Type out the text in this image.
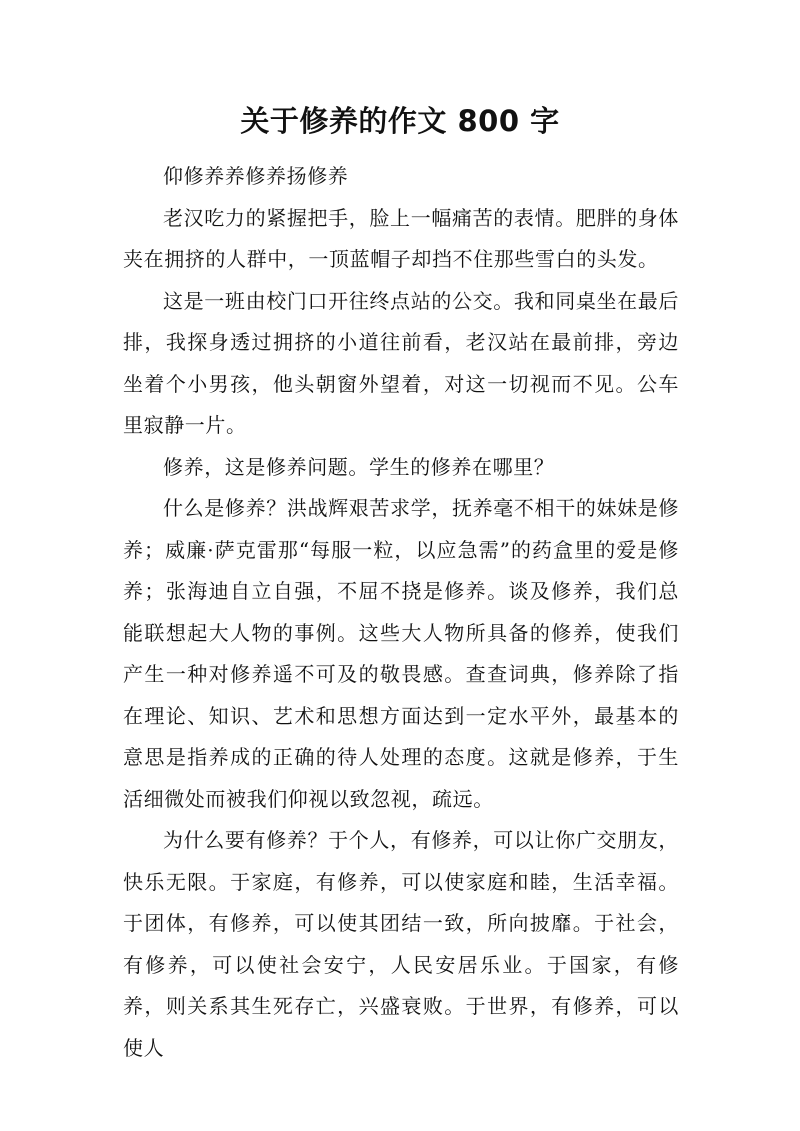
关于修养的作文 800 字

仰修养养修养扬修养

老汉吃力的紧握把手，脸上一幅痛苦的表情。肥胖的身体夹在拥挤的人群中，一顶蓝帽子却挡不住那些雪白的头发。

这是一班由校门口开往终点站的公交。我和同桌坐在最后排，我探身透过拥挤的小道往前看，老汉站在最前排，旁边坐着个小男孩，他头朝窗外望着，对这一切视而不见。公车里寂静一片。

修养，这是修养问题。学生的修养在哪里？

什么是修养？洪战辉艰苦求学，抚养毫不相干的妹妹是修养；威廉·萨克雷那“每服一粒，以应急需”的药盒里的爱是修养；张海迪自立自强，不屈不挠是修养。谈及修养，我们总能联想起大人物的事例。这些大人物所具备的修养，使我们产生一种对修养遥不可及的敬畏感。查查词典，修养除了指在理论、知识、艺术和思想方面达到一定水平外，最基本的意思是指养成的正确的待人处理的态度。这就是修养，于生活细微处而被我们仰视以致忽视，疏远。

为什么要有修养？于个人，有修养，可以让你广交朋友，快乐无限。于家庭，有修养，可以使家庭和睦，生活幸福。于团体，有修养，可以使其团结一致，所向披靡。于社会，有修养，可以使社会安宁，人民安居乐业。于国家，有修养，则关系其生死存亡，兴盛衰败。于世界，有修养，可以使人
